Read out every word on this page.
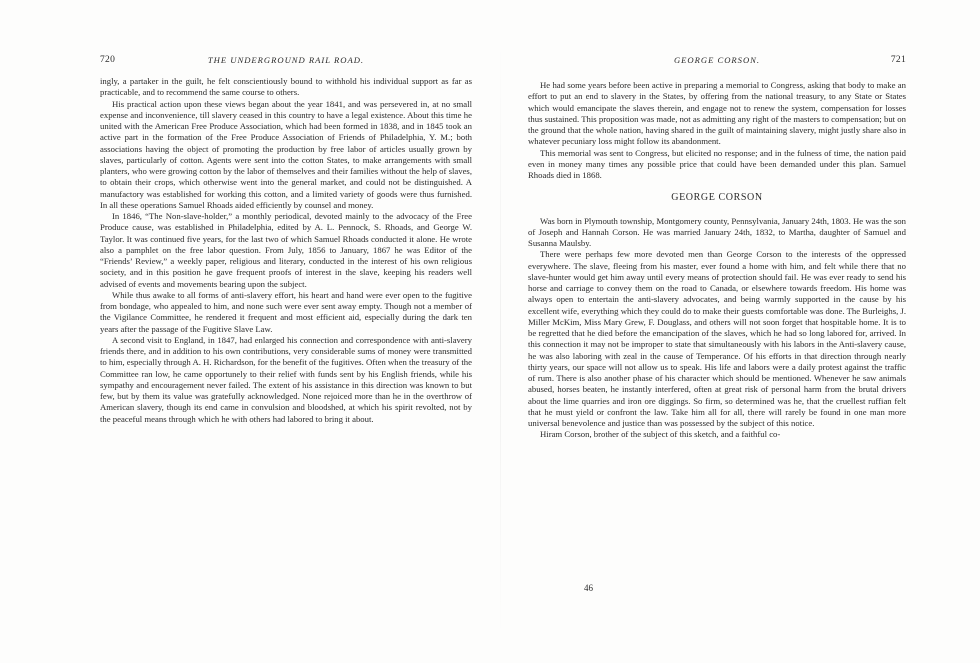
720	THE UNDERGROUND RAIL ROAD.

ingly, a partaker in the guilt, he felt conscientiously bound to withhold his individual support as far as practicable, and to recommend the same course to others.

His practical action upon these views began about the year 1841, and was persevered in, at no small expense and inconvenience, till slavery ceased in this country to have a legal existence. About this time he united with the American Free Produce Association, which had been formed in 1838, and in 1845 took an active part in the formation of the Free Produce Association of Friends of Philadelphia, Y. M.; both associations having the object of promoting the production by free labor of articles usually grown by slaves, particularly of cotton. Agents were sent into the cotton States, to make arrangements with small planters, who were growing cotton by the labor of themselves and their families without the help of slaves, to obtain their crops, which otherwise went into the general market, and could not be distinguished. A manufactory was established for working this cotton, and a limited variety of goods were thus furnished. In all these operations Samuel Rhoads aided efficiently by counsel and money.

In 1846, “The Non-slave-holder,” a monthly periodical, devoted mainly to the advocacy of the Free Produce cause, was established in Philadelphia, edited by A. L. Pennock, S. Rhoads, and George W. Taylor. It was continued five years, for the last two of which Samuel Rhoads conducted it alone. He wrote also a pamphlet on the free labor question. From July, 1856 to January, 1867 he was Editor of the “Friends’ Review,” a weekly paper, religious and literary, conducted in the interest of his own religious society, and in this position he gave frequent proofs of interest in the slave, keeping his readers well advised of events and movements bearing upon the subject.

While thus awake to all forms of anti-slavery effort, his heart and hand were ever open to the fugitive from bondage, who appealed to him, and none such were ever sent away empty. Though not a member of the Vigilance Committee, he rendered it frequent and most efficient aid, especially during the dark ten years after the passage of the Fugitive Slave Law.

A second visit to England, in 1847, had enlarged his connection and correspondence with anti-slavery friends there, and in addition to his own contributions, very considerable sums of money were transmitted to him, especially through A. H. Richardson, for the benefit of the fugitives. Often when the treasury of the Committee ran low, he came opportunely to their relief with funds sent by his English friends, while his sympathy and encouragement never failed. The extent of his assistance in this direction was known to but few, but by them its value was gratefully acknowledged. None rejoiced more than he in the overthrow of American slavery, though its end came in convulsion and bloodshed, at which his spirit revolted, not by the peaceful means through which he with others had labored to bring it about.

GEORGE CORSON.	721

He had some years before been active in preparing a memorial to Congress, asking that body to make an effort to put an end to slavery in the States, by offering from the national treasury, to any State or States which would emancipate the slaves therein, and engage not to renew the system, compensation for losses thus sustained. This proposition was made, not as admitting any right of the masters to compensation; but on the ground that the whole nation, having shared in the guilt of maintaining slavery, might justly share also in whatever pecuniary loss might follow its abandonment.

This memorial was sent to Congress, but elicited no response; and in the fulness of time, the nation paid even in money many times any possible price that could have been demanded under this plan. Samuel Rhoads died in 1868.

GEORGE CORSON

Was born in Plymouth township, Montgomery county, Pennsylvania, January 24th, 1803. He was the son of Joseph and Hannah Corson. He was married January 24th, 1832, to Martha, daughter of Samuel and Susanna Maulsby.

There were perhaps few more devoted men than George Corson to the interests of the oppressed everywhere. The slave, fleeing from his master, ever found a home with him, and felt while there that no slave-hunter would get him away until every means of protection should fail. He was ever ready to send his horse and carriage to convey them on the road to Canada, or elsewhere towards freedom. His home was always open to entertain the anti-slavery advocates, and being warmly supported in the cause by his excellent wife, everything which they could do to make their guests comfortable was done. The Burleighs, J. Miller McKim, Miss Mary Grew, F. Douglass, and others will not soon forget that hospitable home. It is to be regretted that he died before the emancipation of the slaves, which he had so long labored for, arrived. In this connection it may not be improper to state that simultaneously with his labors in the Anti-slavery cause, he was also laboring with zeal in the cause of Temperance. Of his efforts in that direction through nearly thirty years, our space will not allow us to speak. His life and labors were a daily protest against the traffic of rum. There is also another phase of his character which should be mentioned. Whenever he saw animals abused, horses beaten, he instantly interfered, often at great risk of personal harm from the brutal drivers about the lime quarries and iron ore diggings. So firm, so determined was he, that the cruellest ruffian felt that he must yield or confront the law. Take him all for all, there will rarely be found in one man more universal benevolence and justice than was possessed by the subject of this notice.

Hiram Corson, brother of the subject of this sketch, and a faithful co-

46
